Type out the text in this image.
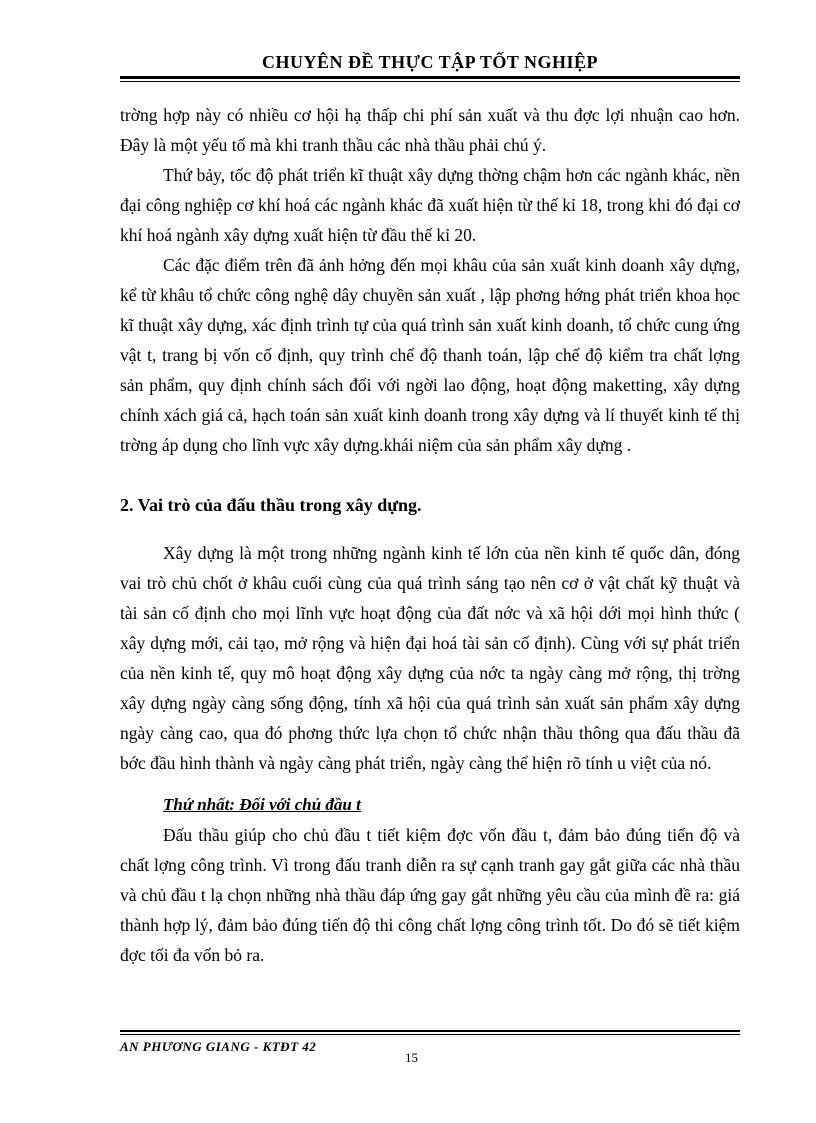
CHUYÊN ĐỀ THỰC TẬP TỐT NGHIỆP

trờng hợp này có nhiều cơ hội hạ thấp chi phí sản xuất và thu đợc lợi nhuận cao hơn. Đây là một yếu tố mà khi tranh thầu các nhà thầu phải chú ý.

Thứ bảy, tốc độ phát triển kĩ thuật xây dựng thờng chậm hơn các ngành khác, nền đại công nghiệp cơ khí hoá các ngành khác đã xuất hiện từ thế kỉ 18, trong khi đó đại cơ khí hoá ngành xây dựng xuất hiện từ đầu thế kỉ 20.

Các đặc điểm trên đã ảnh hởng đến mọi khâu của sản xuất kinh doanh xây dựng, kể từ khâu tổ chức công nghệ dây chuyền sản xuất , lập phơng hớng phát triển khoa học kĩ thuật xây dựng, xác định trình tự của quá trình sản xuất kinh doanh, tổ chức cung ứng vật t, trang bị vốn cố định, quy trình chế độ thanh toán, lập chế độ kiểm tra chất lợng sản phẩm, quy định chính sách đối với ngời lao động, hoạt động maketting, xây dựng chính xách giá cả, hạch toán sản xuất kinh doanh trong xây dựng và lí thuyết kinh tế thị trờng áp dụng cho lĩnh vực xây dựng.khái niệm của sản phẩm xây dựng .

2. Vai trò của đấu thầu trong xây dựng.

Xây dựng là một trong những ngành kinh tế lớn của nền kinh tế quốc dân, đóng vai trò chủ chốt ở khâu cuối cùng của quá trình sáng tạo nên cơ ở vật chất kỹ thuật và tài sản cố định cho mọi lĩnh vực hoạt động của đất nớc và xã hội dới mọi hình thức ( xây dựng mới, cải tạo, mở rộng và hiện đại hoá tài sản cố định). Cùng với sự phát triển của nền kinh tế, quy mô hoạt động xây dựng của nớc ta ngày càng mở rộng, thị trờng xây dựng ngày càng sống động, tính xã hội của quá trình sản xuất sản phẩm xây dựng ngày càng cao, qua đó phơng thức lựa chọn tổ chức nhận thầu thông qua đấu thầu đã bớc đầu hình thành và ngày càng phát triển, ngày càng thể hiện rõ tính u việt của nó.

Thứ nhất: Đối với chủ đầu t

Đấu thầu giúp cho chủ đầu t tiết kiệm đợc vốn đầu t, đảm bảo đúng tiến độ và chất lợng công trình. Vì trong đấu tranh diễn ra sự cạnh tranh gay gắt giữa các nhà thầu và chủ đầu t lạ chọn những nhà thầu đáp ứng gay gắt những yêu cầu của mình đề ra: giá thành hợp lý, đảm bảo đúng tiến độ thi công chất lợng công trình tốt. Do đó sẽ tiết kiệm đợc tối đa vốn bỏ ra.

AN PHƯƠNG GIANG - KTĐT 42
15
